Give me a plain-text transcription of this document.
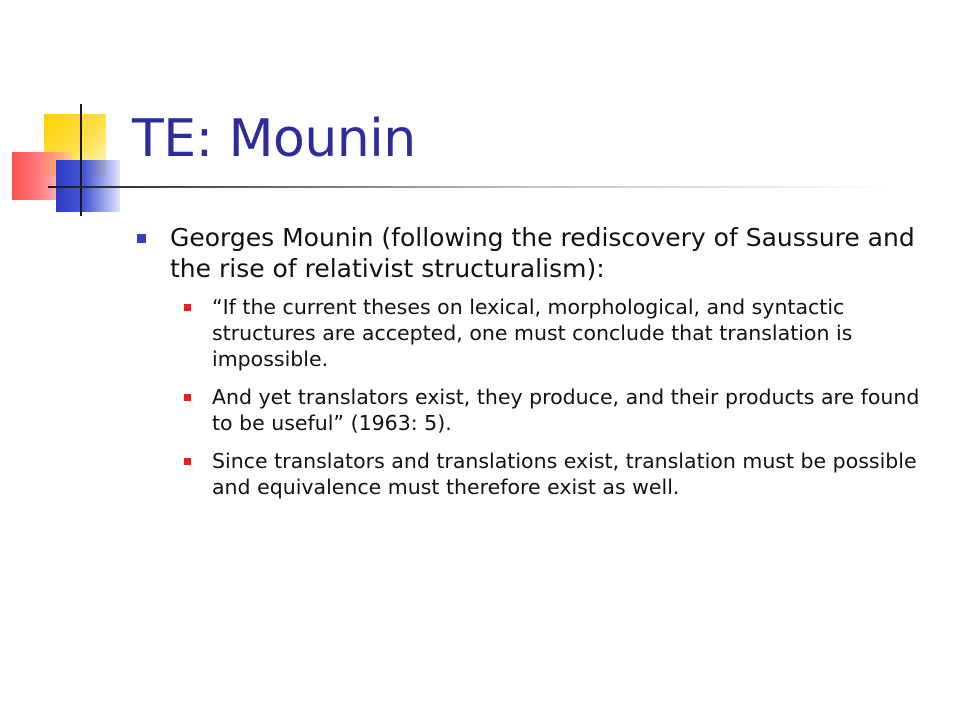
TE: Mounin
Georges Mounin (following the rediscovery of Saussure and the rise of relativist structuralism):
“If the current theses on lexical, morphological, and syntactic structures are accepted, one must conclude that translation is impossible.
And yet translators exist, they produce, and their products are found to be useful” (1963: 5).
Since translators and translations exist, translation must be possible and equivalence must therefore exist as well.
